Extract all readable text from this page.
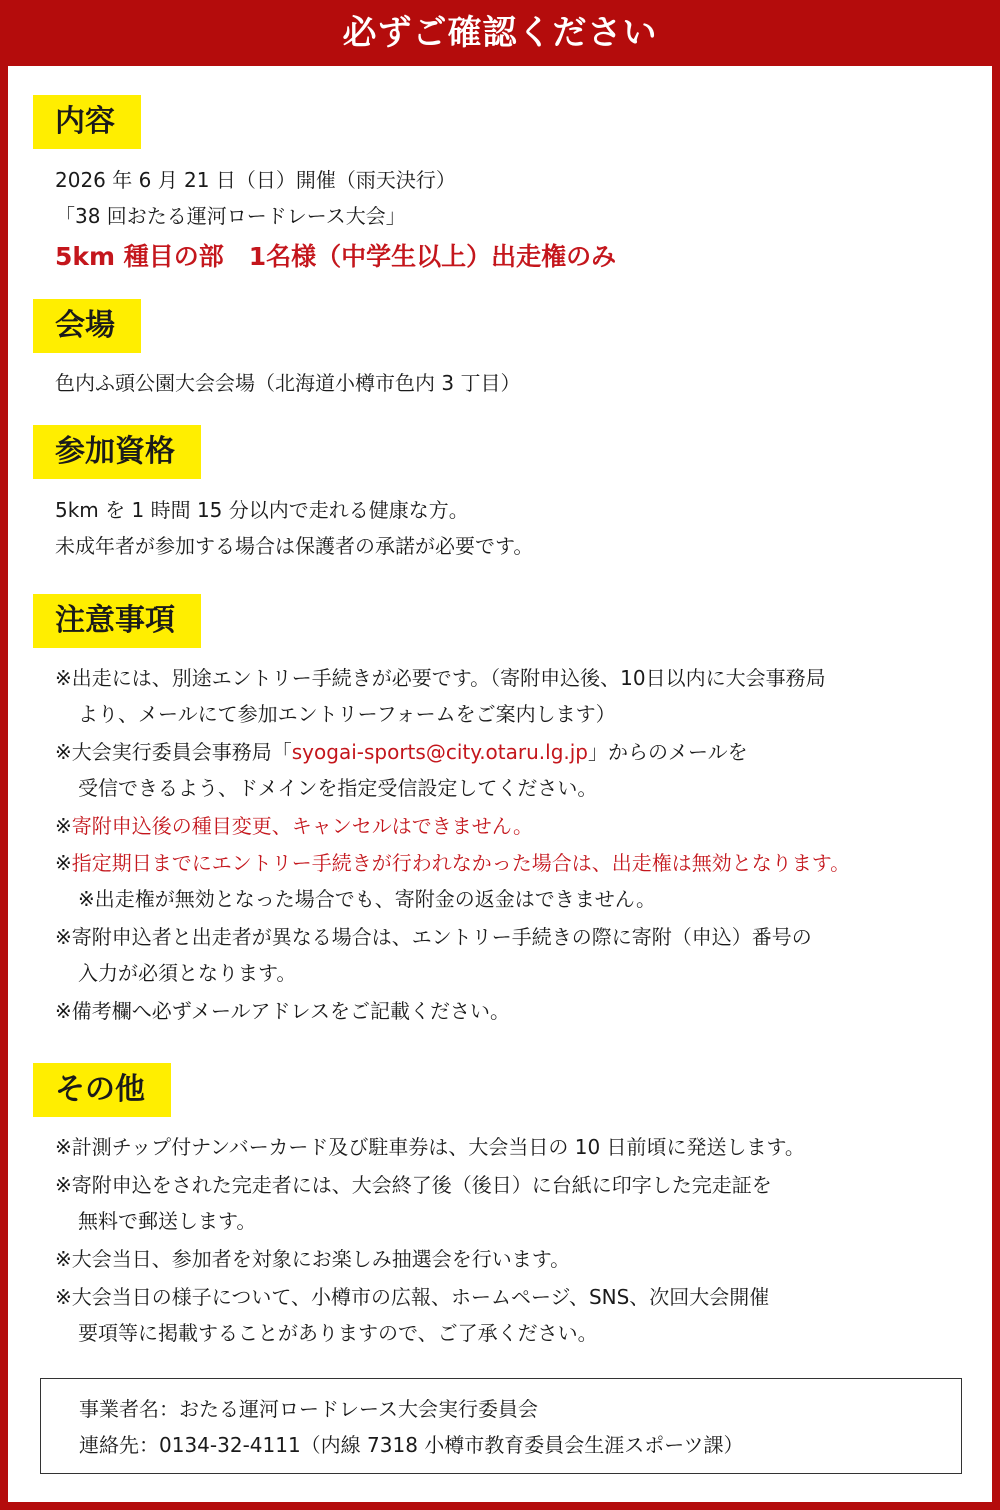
必ずご確認ください
内容
2026 年 6 月 21 日（日）開催（雨天決行）
「38 回おたる運河ロードレース大会」
5km 種目の部　1名様（中学生以上）出走権のみ
会場
色内ふ頭公園大会会場（北海道小樽市色内 3 丁目）
参加資格
5km を 1 時間 15 分以内で走れる健康な方。
未成年者が参加する場合は保護者の承諾が必要です。
注意事項
※出走には、別途エントリー手続きが必要です。（寄附申込後、10日以内に大会事務局
より、メールにて参加エントリーフォームをご案内します）
※大会実行委員会事務局「syogai-sports@city.otaru.lg.jp」からのメールを
受信できるよう、ドメインを指定受信設定してください。
※寄附申込後の種目変更、キャンセルはできません。
※指定期日までにエントリー手続きが行われなかった場合は、出走権は無効となります。
※出走権が無効となった場合でも、寄附金の返金はできません。
※寄附申込者と出走者が異なる場合は、エントリー手続きの際に寄附（申込）番号の
入力が必須となります。
※備考欄へ必ずメールアドレスをご記載ください。
その他
※計測チップ付ナンバーカード及び駐車券は、大会当日の 10 日前頃に発送します。
※寄附申込をされた完走者には、大会終了後（後日）に台紙に印字した完走証を
無料で郵送します。
※大会当日、参加者を対象にお楽しみ抽選会を行います。
※大会当日の様子について、小樽市の広報、ホームページ、SNS、次回大会開催
要項等に掲載することがありますので、ご了承ください。
事業者名：おたる運河ロードレース大会実行委員会
連絡先：0134-32-4111（内線 7318 小樽市教育委員会生涯スポーツ課）
